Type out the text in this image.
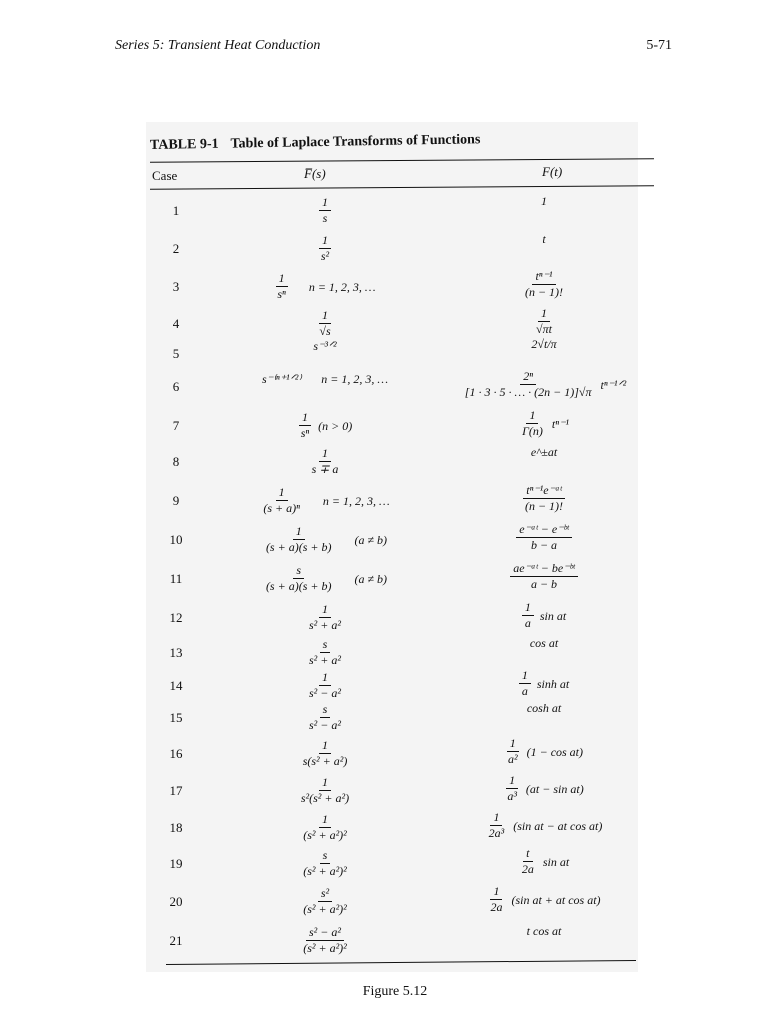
Series 5: Transient Heat Conduction	5-71
TABLE 9-1 Table of Laplace Transforms of Functions
Case	F̅(s)	F(t)
1	$\frac{1}{s}$	1
2	$\frac{1}{\text{s²}}$	t
3	$\frac{1}{\text{sⁿ}}$ n = 1, 2, 3, …	$\frac{\text{tⁿ⁻¹}}{(n - 1)!}$
4	$\frac{1}{√s}$	$\frac{1}{√\pi t}$
5	s⁻³ᐟ²	2√t/π
6	s⁻⁽ⁿ⁺¹ᐟ²⁾ n = 1, 2, 3, …	$\frac{\text{2ⁿ}}{[1 \cdot 3 \cdot 5 \cdot \dots \cdot (2n - 1)]√\pi}$ tⁿ⁻¹ᐟ²
7	$\frac{1}{\text{sⁿ}} (n > 0)$	$\frac{1}{\Gamma(n)} t^{n-1}$
8	$\frac{1}{s \mp a}$	e^±at
9	$\frac{1}{\text{(s + a)ⁿ}}$ n = 1, 2, 3, …	$\frac{\text{tⁿ⁻¹e⁻ᵃᵗ}}{(n - 1)!}$
10	$\frac{1}{(s + a)(s + b)} (a \ne b)$	$\frac{\text{e⁻ᵃᵗ − e⁻ᵇᵗ}}{b - a}$
11	$\frac{s}{(s + a)(s + b)} (a \ne b)$	$\frac{\text{ae⁻ᵃᵗ − be⁻ᵇᵗ}}{a - b}$
12	$\frac{1}{\text{s² + a²}}$	$\frac{1}{a}$ sin at
13	$\frac{s}{\text{s² + a²}}$	cos at
14	$\frac{1}{\text{s² − a²}}$	$\frac{1}{a}$ sinh at
15	$\frac{s}{\text{s² − a²}}$	cosh at
16	$\frac{1}{\text{s(s² + a²)}}$	$\frac{1}{\text{a²}} (1 - \cos at)$
17	$\frac{1}{\text{s²(s² + a²)}}$	$\frac{1}{\text{a³}} (at - \sin at)$
18	$\frac{1}{\text{(s² + a²)²}}$	$\frac{1}{\text{2a³}} (\sin$ at − at cos at)
19	$\frac{s}{\text{(s² + a²)²}}$	$\frac{t}{2a}$ sin at
20	$\frac{\text{s²}}{\text{(s² + a²)²}}$	$\frac{1}{2a} (\sin$ at + at cos at)
21	$\frac{\text{s² − a²}}{\text{(s² + a²)²}}$	t cos at
Figure 5.12
